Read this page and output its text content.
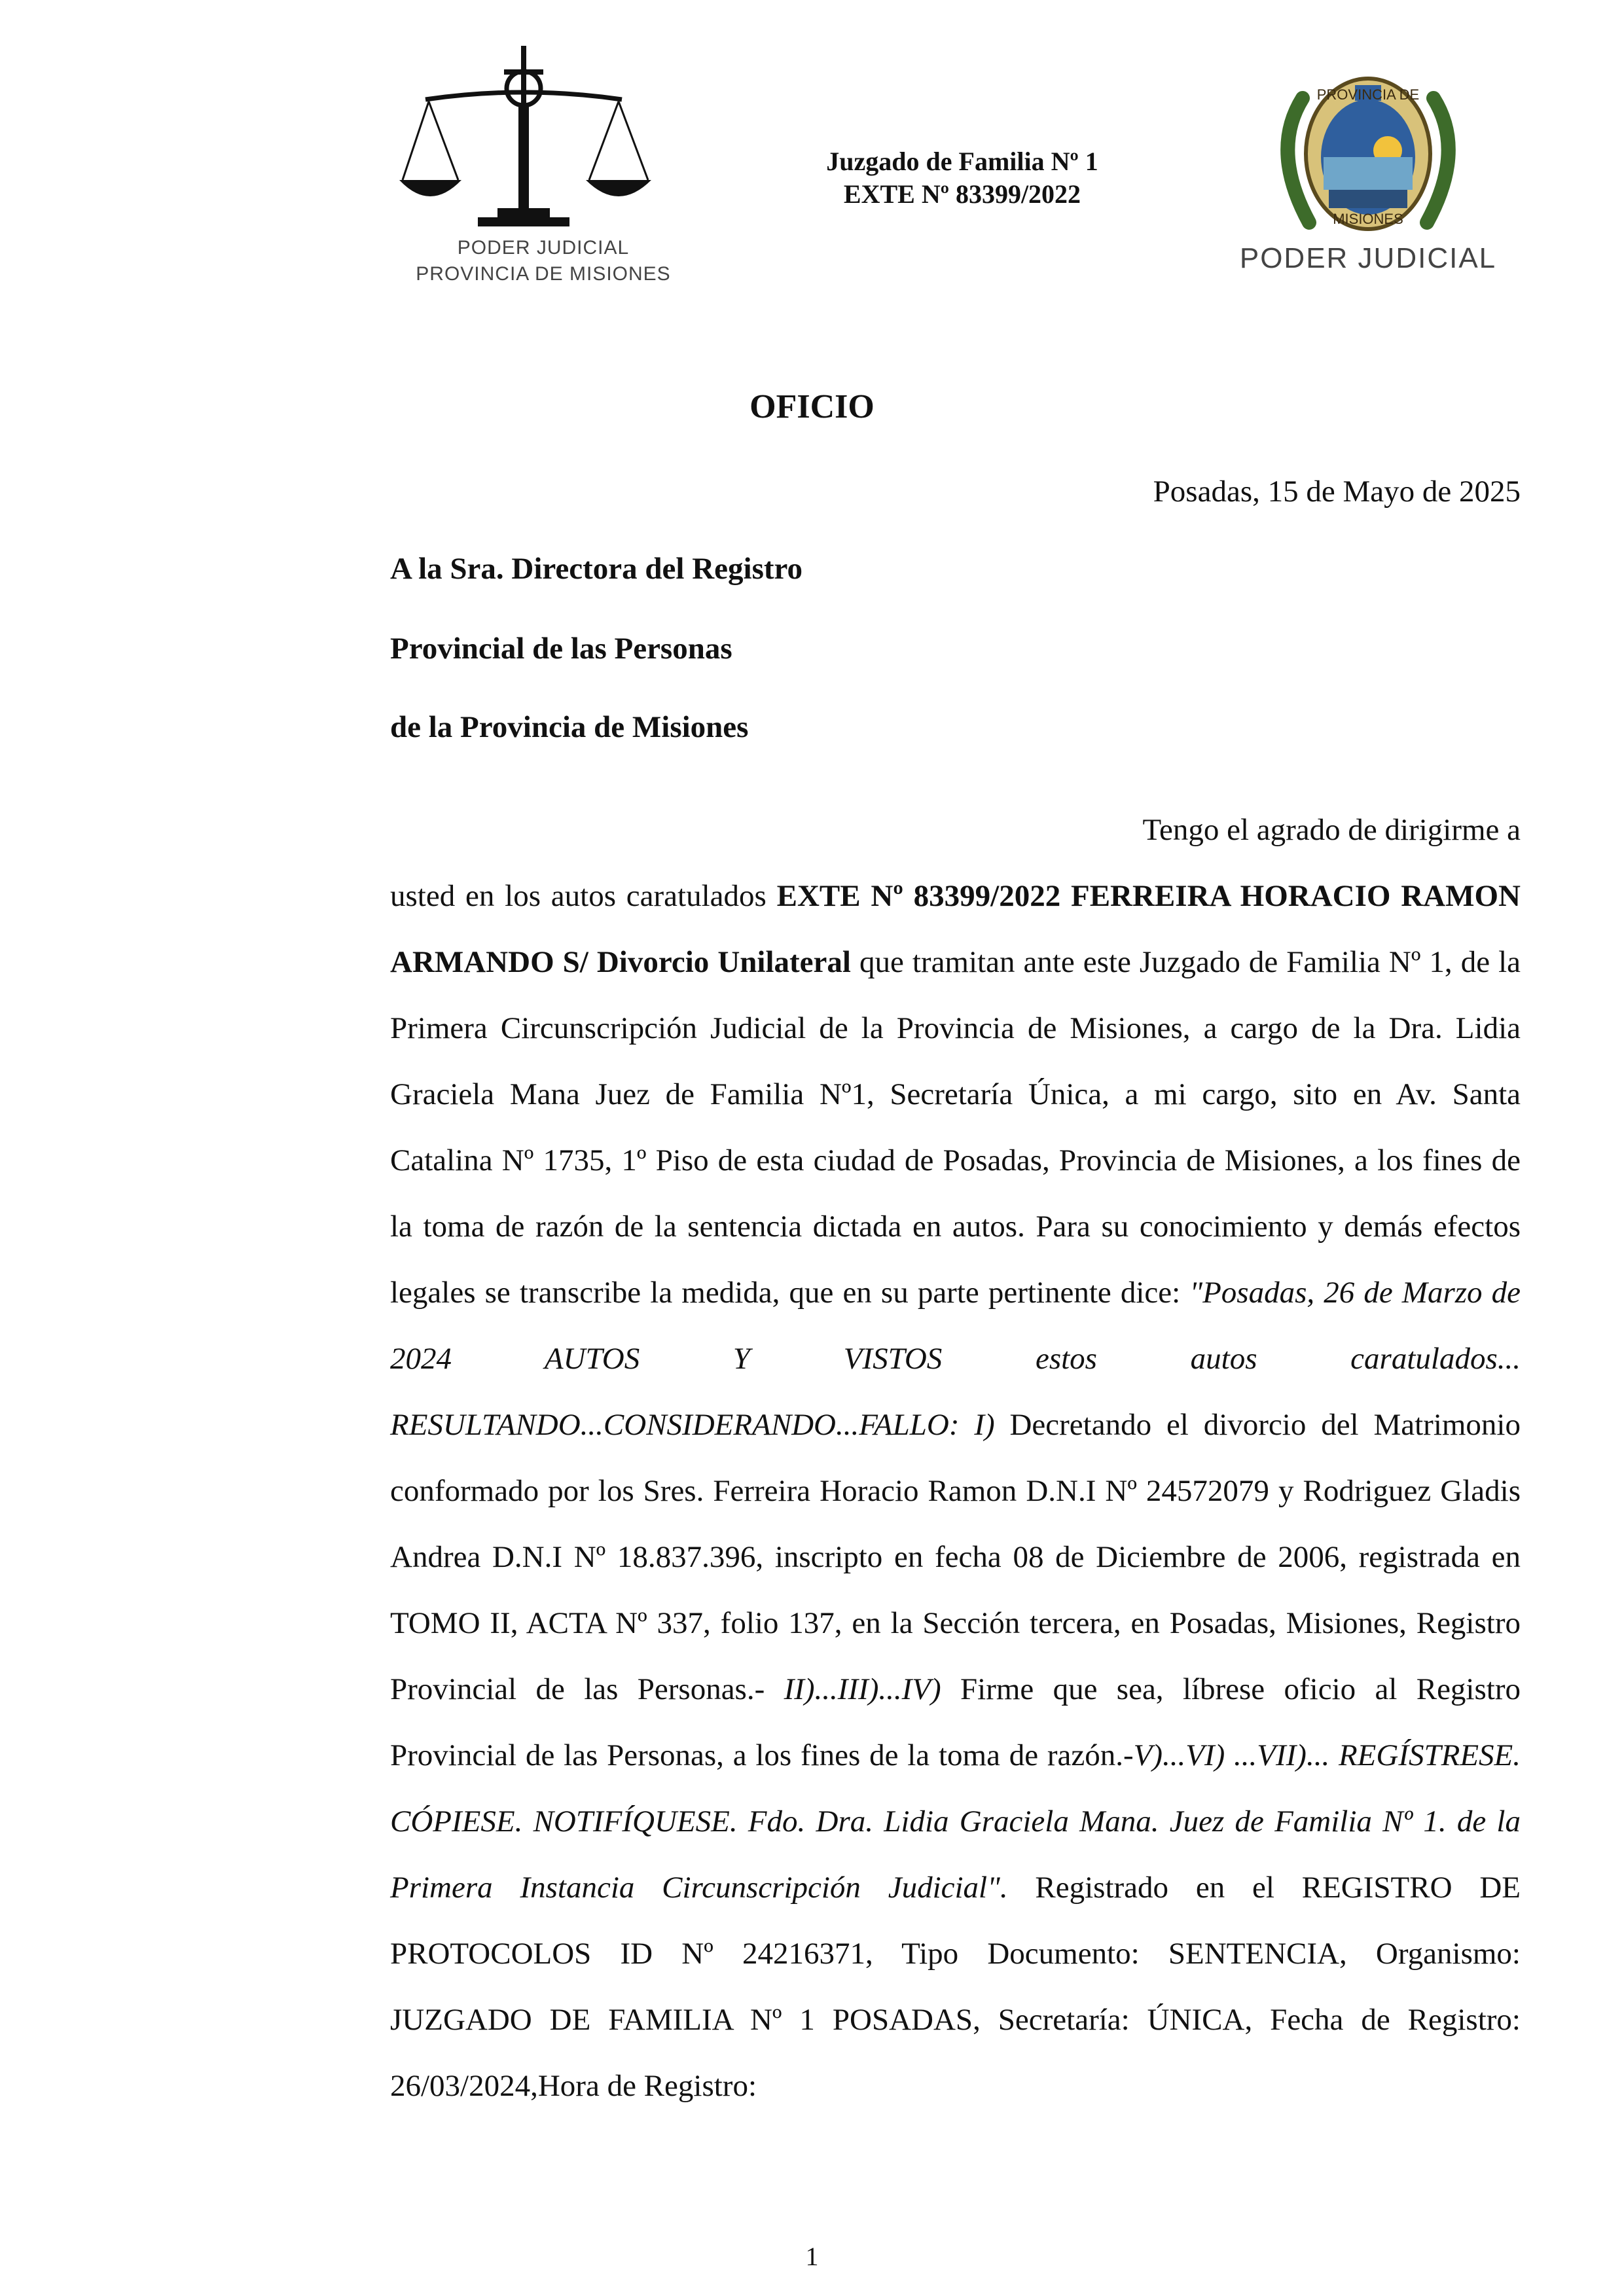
PODER JUDICIAL
PROVINCIA DE MISIONES
Juzgado de Familia Nº 1
EXTE Nº 83399/2022
PROVINCIA DE
MISIONES
PODER JUDICIAL
OFICIO
Posadas, 15 de Mayo de 2025
A la Sra. Directora del Registro
Provincial de las Personas
de la Provincia de Misiones
Tengo el agrado de dirigirme a
usted en los autos caratulados EXTE Nº 83399/2022 FERREIRA HORACIO RAMON ARMANDO S/ Divorcio Unilateral que tramitan ante este Juzgado de Familia Nº 1, de la Primera Circunscripción Judicial de la Provincia de Misiones, a cargo de la Dra. Lidia Graciela Mana Juez de Familia Nº1, Secretaría Única, a mi cargo, sito en Av. Santa Catalina Nº 1735, 1º Piso de esta ciudad de Posadas, Provincia de Misiones, a los fines de la toma de razón de la sentencia dictada en autos. Para su conocimiento y demás efectos legales se transcribe la medida, que en su parte pertinente dice: "Posadas, 26 de Marzo de 2024 AUTOS Y VISTOS estos autos caratulados... RESULTANDO...CONSIDERANDO...FALLO: I) Decretando el divorcio del Matrimonio conformado por los Sres. Ferreira Horacio Ramon D.N.I Nº 24572079 y Rodriguez Gladis Andrea D.N.I Nº 18.837.396, inscripto en fecha 08 de Diciembre de 2006, registrada en TOMO II, ACTA Nº 337, folio 137, en la Sección tercera, en Posadas, Misiones, Registro Provincial de las Personas.- II)...III)...IV) Firme que sea, líbrese oficio al Registro Provincial de las Personas, a los fines de la toma de razón.-V)...VI) ...VII)... REGÍSTRESE. CÓPIESE. NOTIFÍQUESE. Fdo. Dra. Lidia Graciela Mana. Juez de Familia Nº 1. de la Primera Instancia Circunscripción Judicial". Registrado en el REGISTRO DE PROTOCOLOS ID Nº 24216371, Tipo Documento: SENTENCIA, Organismo: JUZGADO DE FAMILIA Nº 1 POSADAS, Secretaría: ÚNICA, Fecha de Registro: 26/03/2024,Hora de Registro:
1
